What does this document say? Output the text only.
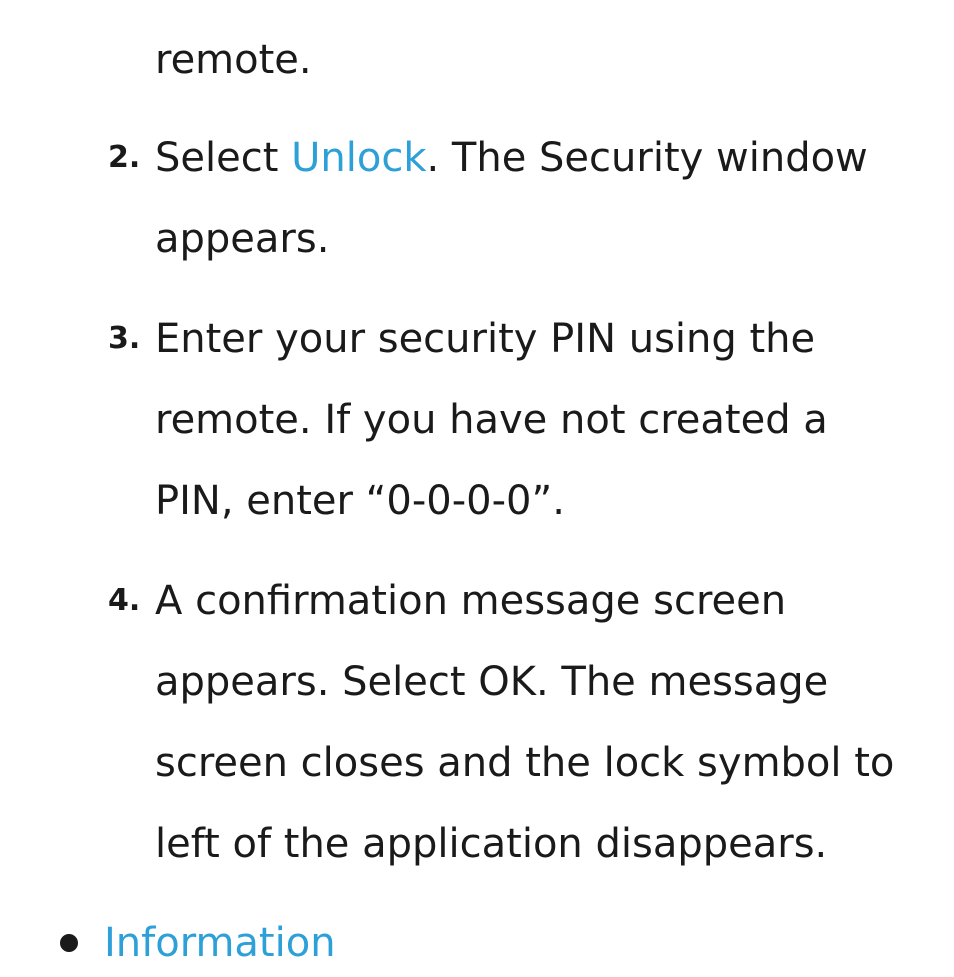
remote.
2. Select Unlock. The Security window
appears.
3. Enter your security PIN using the
remote. If you have not created a
PIN, enter “0-0-0-0”.
4. A confirmation message screen
appears. Select OK. The message
screen closes and the lock symbol to
left of the application disappears.
Information
